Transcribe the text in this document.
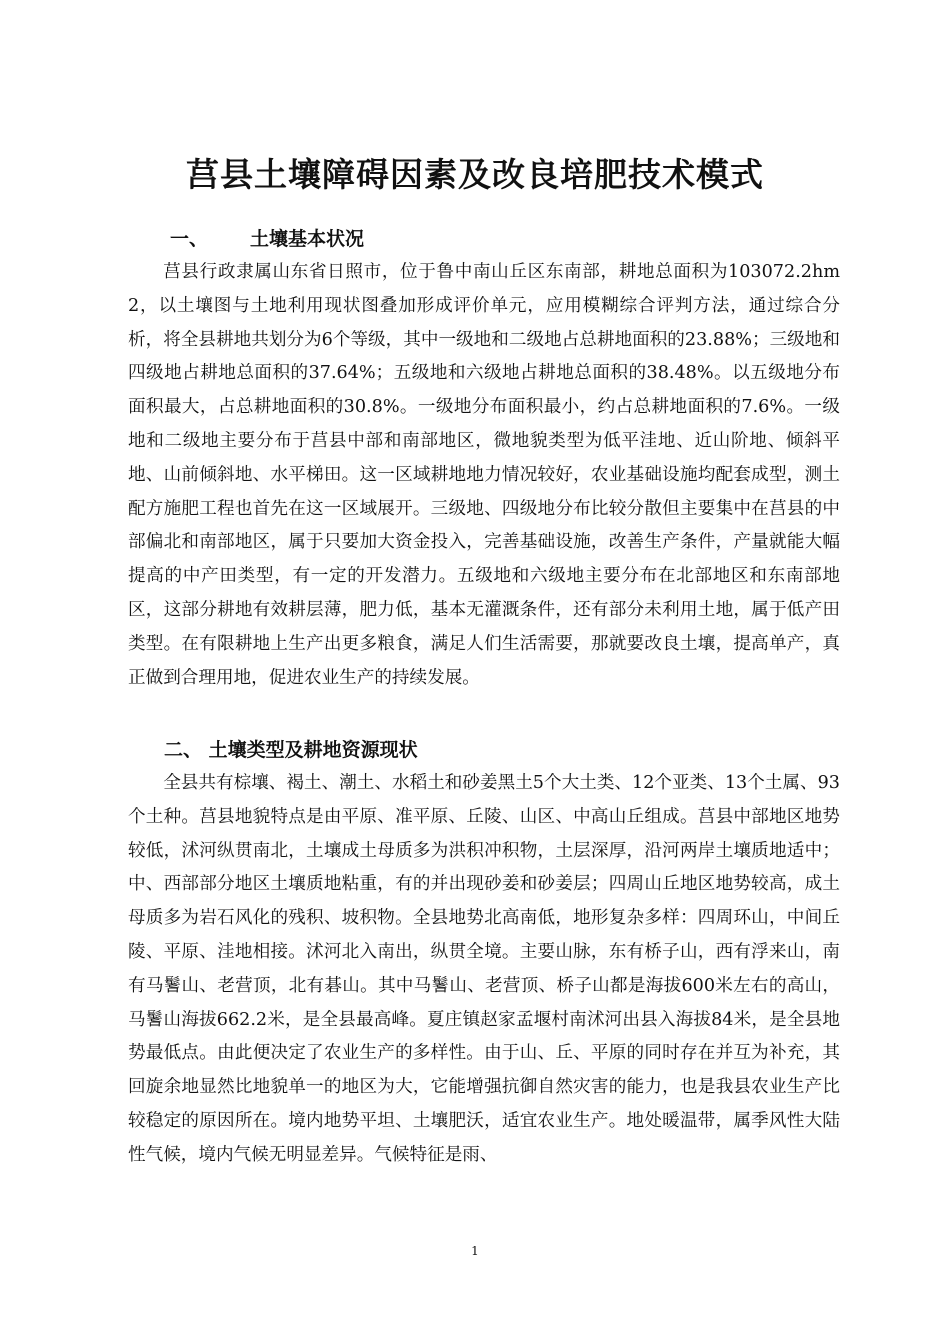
莒县土壤障碍因素及改良培肥技术模式
一、 土壤基本状况

莒县行政隶属山东省日照市，位于鲁中南山丘区东南部，耕地总面积为103072.2hm2，以土壤图与土地利用现状图叠加形成评价单元，应用模糊综合评判方法，通过综合分析，将全县耕地共划分为6个等级，其中一级地和二级地占总耕地面积的23.88%；三级地和四级地占耕地总面积的37.64%；五级地和六级地占耕地总面积的38.48%。以五级地分布面积最大，占总耕地面积的30.8%。一级地分布面积最小，约占总耕地面积的7.6%。一级地和二级地主要分布于莒县中部和南部地区，微地貌类型为低平洼地、近山阶地、倾斜平地、山前倾斜地、水平梯田。这一区域耕地地力情况较好，农业基础设施均配套成型，测土配方施肥工程也首先在这一区域展开。三级地、四级地分布比较分散但主要集中在莒县的中部偏北和南部地区，属于只要加大资金投入，完善基础设施，改善生产条件，产量就能大幅提高的中产田类型，有一定的开发潜力。五级地和六级地主要分布在北部地区和东南部地区，这部分耕地有效耕层薄，肥力低，基本无灌溉条件，还有部分未利用土地，属于低产田类型。在有限耕地上生产出更多粮食，满足人们生活需要，那就要改良土壤，提高单产，真正做到合理用地，促进农业生产的持续发展。

二、 土壤类型及耕地资源现状

全县共有棕壤、褐土、潮土、水稻土和砂姜黑土5个大土类、12个亚类、13个土属、93个土种。莒县地貌特点是由平原、准平原、丘陵、山区、中高山丘组成。莒县中部地区地势较低，沭河纵贯南北，土壤成土母质多为洪积冲积物，土层深厚，沿河两岸土壤质地适中；中、西部部分地区土壤质地粘重，有的并出现砂姜和砂姜层；四周山丘地区地势较高，成土母质多为岩石风化的残积、坡积物。全县地势北高南低，地形复杂多样：四周环山，中间丘陵、平原、洼地相接。沭河北入南出，纵贯全境。主要山脉，东有桥子山，西有浮来山，南有马鬐山、老营顶，北有碁山。其中马鬐山、老营顶、桥子山都是海拔600米左右的高山，马鬐山海拔662.2米，是全县最高峰。夏庄镇赵家孟堰村南沭河出县入海拔84米，是全县地势最低点。由此便决定了农业生产的多样性。由于山、丘、平原的同时存在并互为补充，其回旋余地显然比地貌单一的地区为大，它能增强抗御自然灾害的能力，也是我县农业生产比较稳定的原因所在。境内地势平坦、土壤肥沃，适宜农业生产。地处暖温带，属季风性大陆性气候，境内气候无明显差异。气候特征是雨、

1
